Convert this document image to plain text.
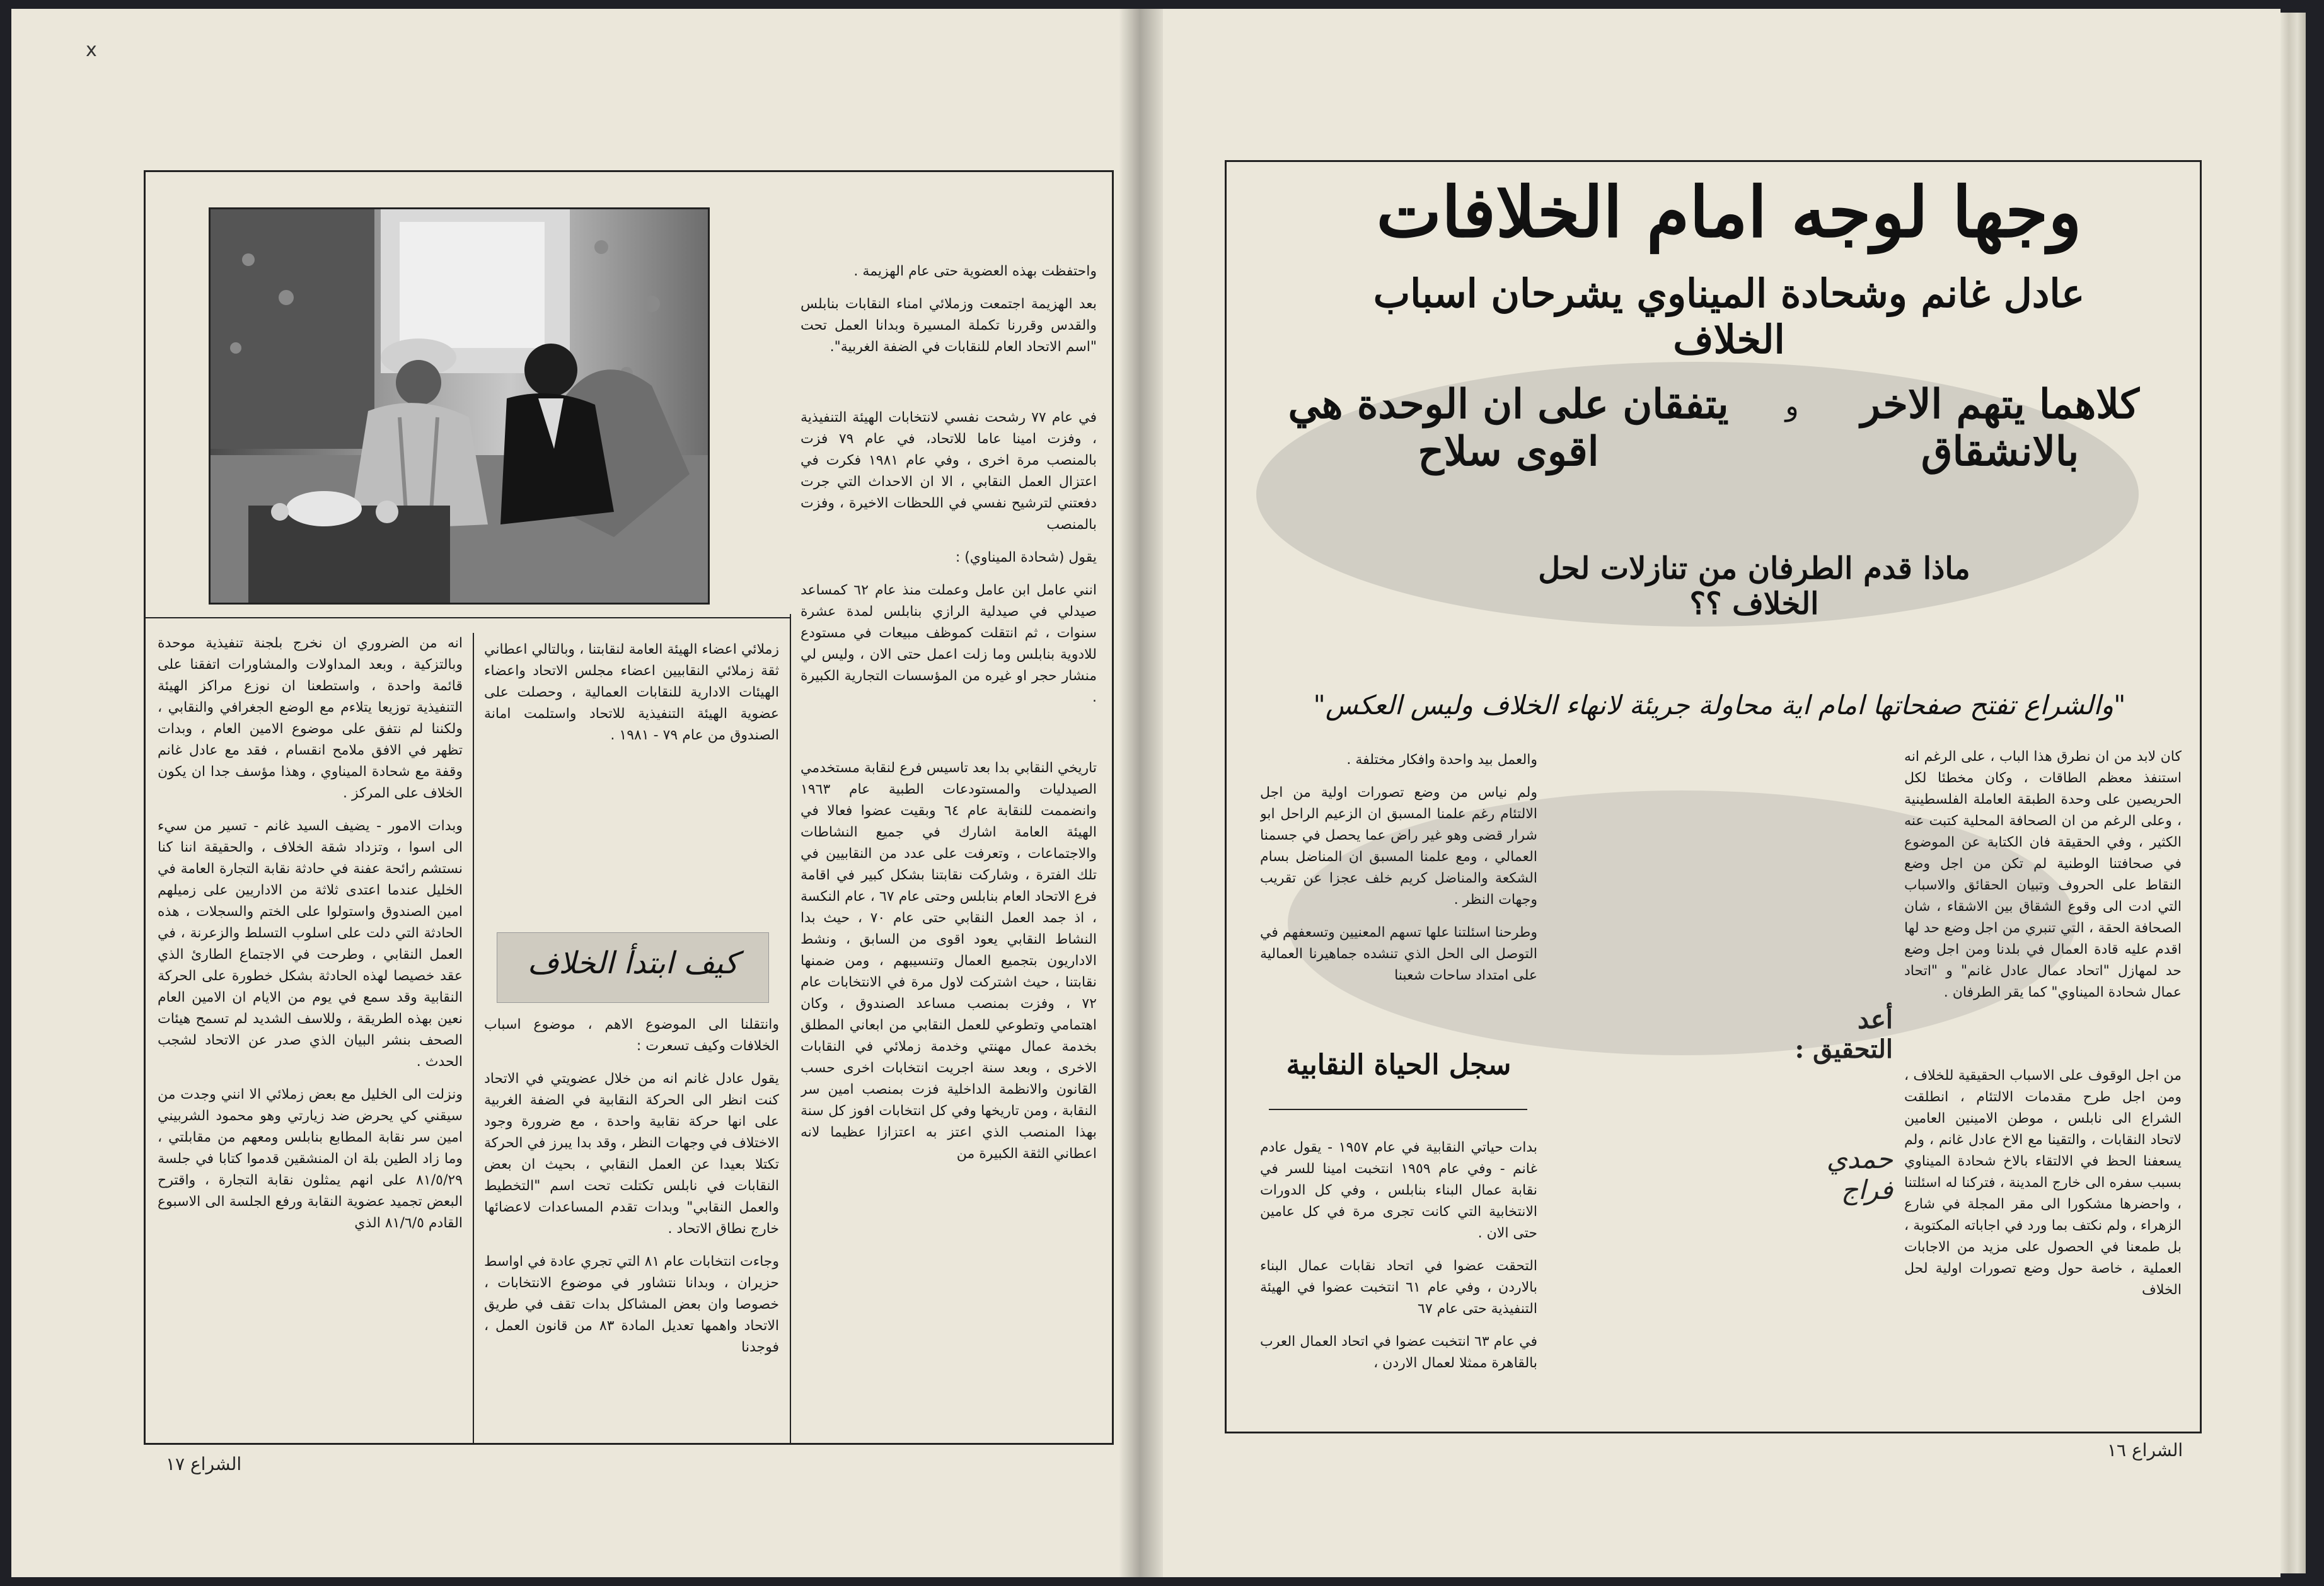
x

واحتفظت بهذه العضوية حتى عام الهزيمة .

بعد الهزيمة اجتمعت وزملائي امناء النقابات بنابلس والقدس وقررنا تكملة المسيرة وبدانا العمل تحت "اسم الاتحاد العام للنقابات في الضفة الغربية".

في عام ٧٧ رشحت نفسي لانتخابات الهيئة التنفيذية ، وفزت امينا عاما للاتحاد، في عام ٧٩ فزت بالمنصب مرة اخرى ، وفي عام ١٩٨١ فكرت في اعتزال العمل النقابي ، الا ان الاحداث التي جرت دفعتني لترشيح نفسي في اللحظات الاخيرة ، وفزت بالمنصب

يقول (شحادة الميناوي) :

انني عامل ابن عامل وعملت منذ عام ٦٢ كمساعد صيدلي في صيدلية الرازي بنابلس لمدة عشرة سنوات ، ثم انتقلت كموظف مبيعات في مستودع للادوية بنابلس وما زلت اعمل حتى الان ، وليس لي منشار حجر او غيره من المؤسسات التجارية الكبيرة .

تاريخي النقابي بدا بعد تاسيس فرع لنقابة مستخدمي الصيدليات والمستودعات الطبية عام ١٩٦٣ وانضممت للنقابة عام ٦٤ وبقيت عضوا فعالا في الهيئة العامة اشارك في جميع النشاطات والاجتماعات ، وتعرفت على عدد من النقابيين في تلك الفترة ، وشاركت نقابتنا بشكل كبير في اقامة فرع الاتحاد العام بنابلس وحتى عام ٦٧ ، عام النكسة ، اذ جمد العمل النقابي حتى عام ٧٠ ، حيث بدا النشاط النقابي يعود اقوى من السابق ، ونشط الاداريون بتجميع العمال وتنسيبهم ، ومن ضمنها نقابتنا ، حيث اشتركت لاول مرة في الانتخابات عام ٧٢ ، وفزت بمنصب مساعد الصندوق ، وكان اهتمامي وتطوعي للعمل النقابي من ابعاني المطلق بخدمة عمال مهنتي وخدمة زملائي في النقابات الاخرى ، وبعد سنة اجريت انتخابات اخرى حسب القانون والانظمة الداخلية فزت بمنصب امين سر النقابة ، ومن تاريخها وفي كل انتخابات افوز كل سنة بهذا المنصب الذي اعتز به اعتزازا عظيما لانه اعطاني الثقة الكبيرة من

زملائي اعضاء الهيئة العامة لنقابتنا ، وبالتالي اعطاني ثقة زملائي النقابيين اعضاء مجلس الاتحاد واعضاء الهيئات الادارية للنقابات العمالية ، وحصلت على عضوية الهيئة التنفيذية للاتحاد واستلمت امانة الصندوق من عام ٧٩ - ١٩٨١ .

كيف ابتدأ الخلاف

وانتقلنا الى الموضوع الاهم ، موضوع اسباب الخلافات وكيف تسعرت :

يقول عادل غانم انه من خلال عضويتي في الاتحاد كنت انظر الى الحركة النقابية في الضفة الغربية على انها حركة نقابية واحدة ، مع ضرورة وجود الاختلاف في وجهات النظر ، وقد بدا يبرز في الحركة تكتلا بعيدا عن العمل النقابي ، بحيث ان بعض النقابات في نابلس تكتلت تحت اسم "التخطيط والعمل النقابي" وبدات تقدم المساعدات لاعضائها خارج نطاق الاتحاد .

وجاءت انتخابات عام ٨١ التي تجري عادة في اواسط حزيران ، وبدانا نتشاور في موضوع الانتخابات ، خصوصا وان بعض المشاكل بدات تقف في طريق الاتحاد واهمها تعديل المادة ٨٣ من قانون العمل ، فوجدنا

انه من الضروري ان نخرج بلجنة تنفيذية موحدة وبالتزكية ، وبعد المداولات والمشاورات اتفقنا على قائمة واحدة ، واستطعنا ان نوزع مراكز الهيئة التنفيذية توزيعا يتلاءم مع الوضع الجغرافي والنقابي ، ولكننا لم نتفق على موضوع الامين العام ، وبدات تظهر في الافق ملامح انقسام ، فقد مع عادل غانم وقفة مع شحادة الميناوي ، وهذا مؤسف جدا ان يكون الخلاف على المركز .

وبدات الامور - يضيف السيد غانم - تسير من سيء الى اسوا ، وتزداد شقة الخلاف ، والحقيقة اننا كنا نستشم رائحة عفنة في حادثة نقابة التجارة العامة في الخليل عندما اعتدى ثلاثة من الاداريين على زميلهم امين الصندوق واستولوا على الختم والسجلات ، هذه الحادثة التي دلت على اسلوب التسلط والزعرنة ، في العمل النقابي ، وطرحت في الاجتماع الطارئ الذي عقد خصيصا لهذه الحادثة بشكل خطورة على الحركة النقابية وقد سمع في يوم من الايام ان الامين العام نعين بهذه الطريقة ، وللاسف الشديد لم تسمح هيئات الصحف بنشر البيان الذي صدر عن الاتحاد لشجب الحدث .

ونزلت الى الخليل مع بعض زملائي الا انني وجدت من سيقني كي يحرض ضد زيارتي وهو محمود الشربيني امين سر نقابة المطابع بنابلس ومعهم من مقابلتي ، وما زاد الطين بلة ان المنشقين قدموا كتابا في جلسة ٨١/٥/٢٩ على انهم يمثلون نقابة التجارة ، واقترح البعض تجميد عضوية النقابة ورفع الجلسة الى الاسبوع القادم ٨١/٦/٥ الذي

الشراع ١٧
وجها لوجه امام الخلافات
عادل غانم وشحادة الميناوي يشرحان اسباب الخلاف
كلاهما يتهم الاخر بالانشقاق
و
يتفقان على ان الوحدة هي اقوى سلاح
ماذا قدم الطرفان من تنازلات لحل الخلاف ؟؟
"والشراع تفتح صفحاتها امام اية محاولة جريئة لانهاء الخلاف وليس العكس"

كان لابد من ان نطرق هذا الباب ، على الرغم انه استنفذ معظم الطاقات ، وكان مخطئا لكل الحريصين على وحدة الطبقة العاملة الفلسطينية ، وعلى الرغم من ان الصحافة المحلية كتبت عنه الكثير ، وفي الحقيقة فان الكتابة عن الموضوع في صحافتنا الوطنية لم تكن من اجل وضع النقاط على الحروف وتبيان الحقائق والاسباب التي ادت الى وقوع الشقاق بين الاشقاء ، شان الصحافة الحقة ، التي تنبري من اجل وضع حد لها اقدم عليه قادة العمال في بلدنا ومن اجل وضع حد لمهازل "اتحاد عمال عادل غانم" و "اتحاد عمال شحادة الميناوي" كما يقر الطرفان .

من اجل الوقوف على الاسباب الحقيقية للخلاف ، ومن اجل طرح مقدمات الالتئام ، انطلقت الشراع الى نابلس ، موطن الامينين العامين لاتحاد النقابات ، والتقينا مع الاخ عادل غانم ، ولم يسعفنا الحظ في الالتقاء بالاخ شحادة الميناوي بسبب سفره الى خارج المدينة ، فتركنا له اسئلتنا ، واحضرها مشكورا الى مقر المجلة في شارع الزهراء ، ولم نكتف بما ورد في اجاباته المكتوبة ، بل طمعنا في الحصول على مزيد من الاجابات العملية ، خاصة حول وضع تصورات اولية لحل الخلاف

أعد التحقيق :
حمدي فراج

والعمل بيد واحدة وافكار مختلفة .

ولم نياس من وضع تصورات اولية من اجل الالتئام رغم علمنا المسبق ان الزعيم الراحل ابو شرار قضى وهو غير راض عما يحصل في جسمنا العمالي ، ومع علمنا المسبق ان المناضل بسام الشكعة والمناضل كريم خلف عجزا عن تقريب وجهات النظر .

وطرحنا اسئلتنا علها تسهم المعنيين وتسعفهم في التوصل الى الحل الذي تنشده جماهيرنا العمالية على امتداد ساحات شعبنا

سجل الحياة النقابية

بدات حياتي النقابية في عام ١٩٥٧ - يقول عادم غانم - وفي عام ١٩٥٩ انتخبت امينا للسر في نقابة عمال البناء بنابلس ، وفي كل الدورات الانتخابية التي كانت تجرى مرة في كل عامين حتى الان .

التحقت عضوا في اتحاد نقابات عمال البناء بالاردن ، وفي عام ٦١ انتخبت عضوا في الهيئة التنفيذية حتى عام ٦٧

في عام ٦٣ انتخبت عضوا في اتحاد العمال العرب بالقاهرة ممثلا لعمال الاردن ،

الشراع ١٦
